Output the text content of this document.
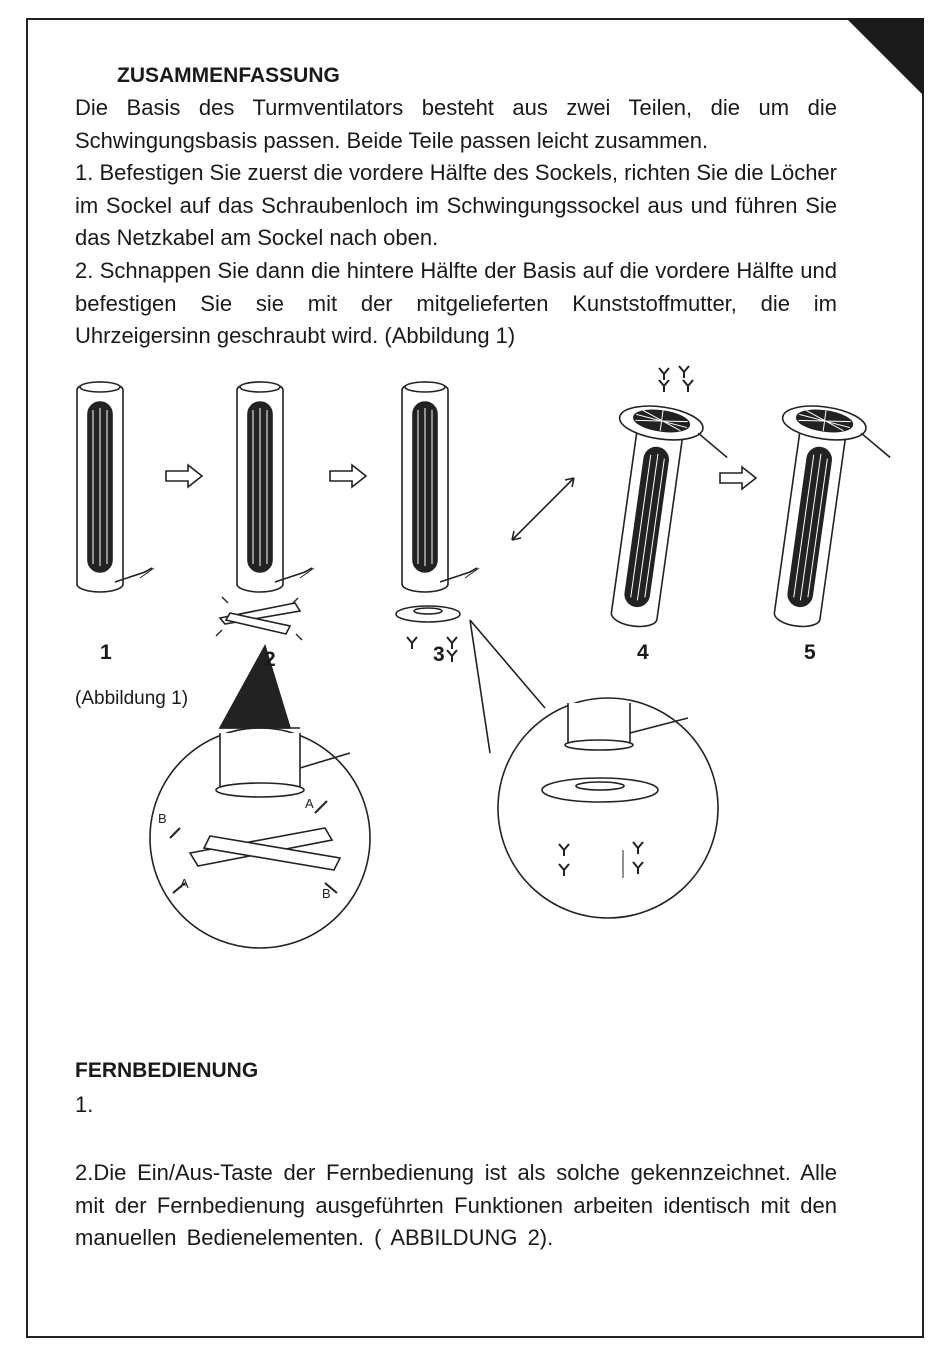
ZUSAMMENFASSUNG
Die Basis des Turmventilators besteht aus zwei Teilen, die um die Schwingungsbasis passen. Beide Teile passen leicht zusammen.
1. Befestigen Sie zuerst die vordere Hälfte des Sockels, richten Sie die Löcher im Sockel auf das Schraubenloch im Schwingungssockel aus und führen Sie das Netzkabel am Sockel nach oben.
2. Schnappen Sie dann die hintere Hälfte der Basis auf die vordere Hälfte und befestigen Sie sie mit der mitgelieferten Kunststoffmutter, die im Uhrzeigersinn geschraubt wird. (Abbildung 1)
B
A
A
B
1	2	3	4	5
(Abbildung 1)
FERNBEDIENUNG
1.
2.Die Ein/Aus-Taste der Fernbedienung ist als solche gekennzeichnet. Alle mit der Fernbedienung ausgeführten Funktionen arbeiten identisch mit den manuellen Bedienelementen. ( ABBILDUNG 2).
